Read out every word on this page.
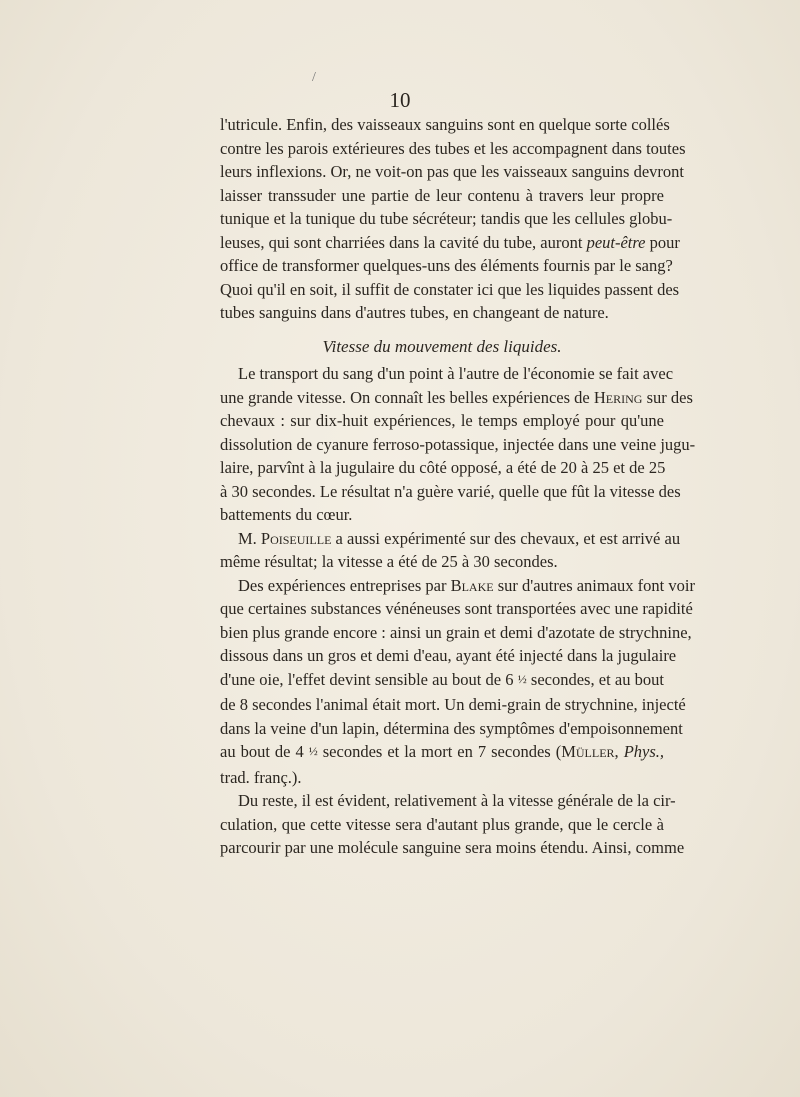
/
10
l'utricule. Enfin, des vaisseaux sanguins sont en quelque sorte collés
contre les parois extérieures des tubes et les accompagnent dans toutes
leurs inflexions. Or, ne voit-on pas que les vaisseaux sanguins devront
laisser transsuder une partie de leur contenu à travers leur propre
tunique et la tunique du tube sécréteur; tandis que les cellules globu-
leuses, qui sont charriées dans la cavité du tube, auront peut-être pour
office de transformer quelques-uns des éléments fournis par le sang?
Quoi qu'il en soit, il suffit de constater ici que les liquides passent des
tubes sanguins dans d'autres tubes, en changeant de nature.
Vitesse du mouvement des liquides.
Le transport du sang d'un point à l'autre de l'économie se fait avec
une grande vitesse. On connaît les belles expériences de Hering sur des
chevaux : sur dix-huit expériences, le temps employé pour qu'une
dissolution de cyanure ferroso-potassique, injectée dans une veine jugu-
laire, parvînt à la jugulaire du côté opposé, a été de 20 à 25 et de 25
à 30 secondes. Le résultat n'a guère varié, quelle que fût la vitesse des
battements du cœur.
M. Poiseuille a aussi expérimenté sur des chevaux, et est arrivé au
même résultat; la vitesse a été de 25 à 30 secondes.
Des expériences entreprises par Blake sur d'autres animaux font voir
que certaines substances vénéneuses sont transportées avec une rapidité
bien plus grande encore : ainsi un grain et demi d'azotate de strychnine,
dissous dans un gros et demi d'eau, ayant été injecté dans la jugulaire
d'une oie, l'effet devint sensible au bout de 6 ½ secondes, et au bout
de 8 secondes l'animal était mort. Un demi-grain de strychnine, injecté
dans la veine d'un lapin, détermina des symptômes d'empoisonnement
au bout de 4 ½ secondes et la mort en 7 secondes (Müller, Phys.,
trad. franç.).
Du reste, il est évident, relativement à la vitesse générale de la cir-
culation, que cette vitesse sera d'autant plus grande, que le cercle à
parcourir par une molécule sanguine sera moins étendu. Ainsi, comme
